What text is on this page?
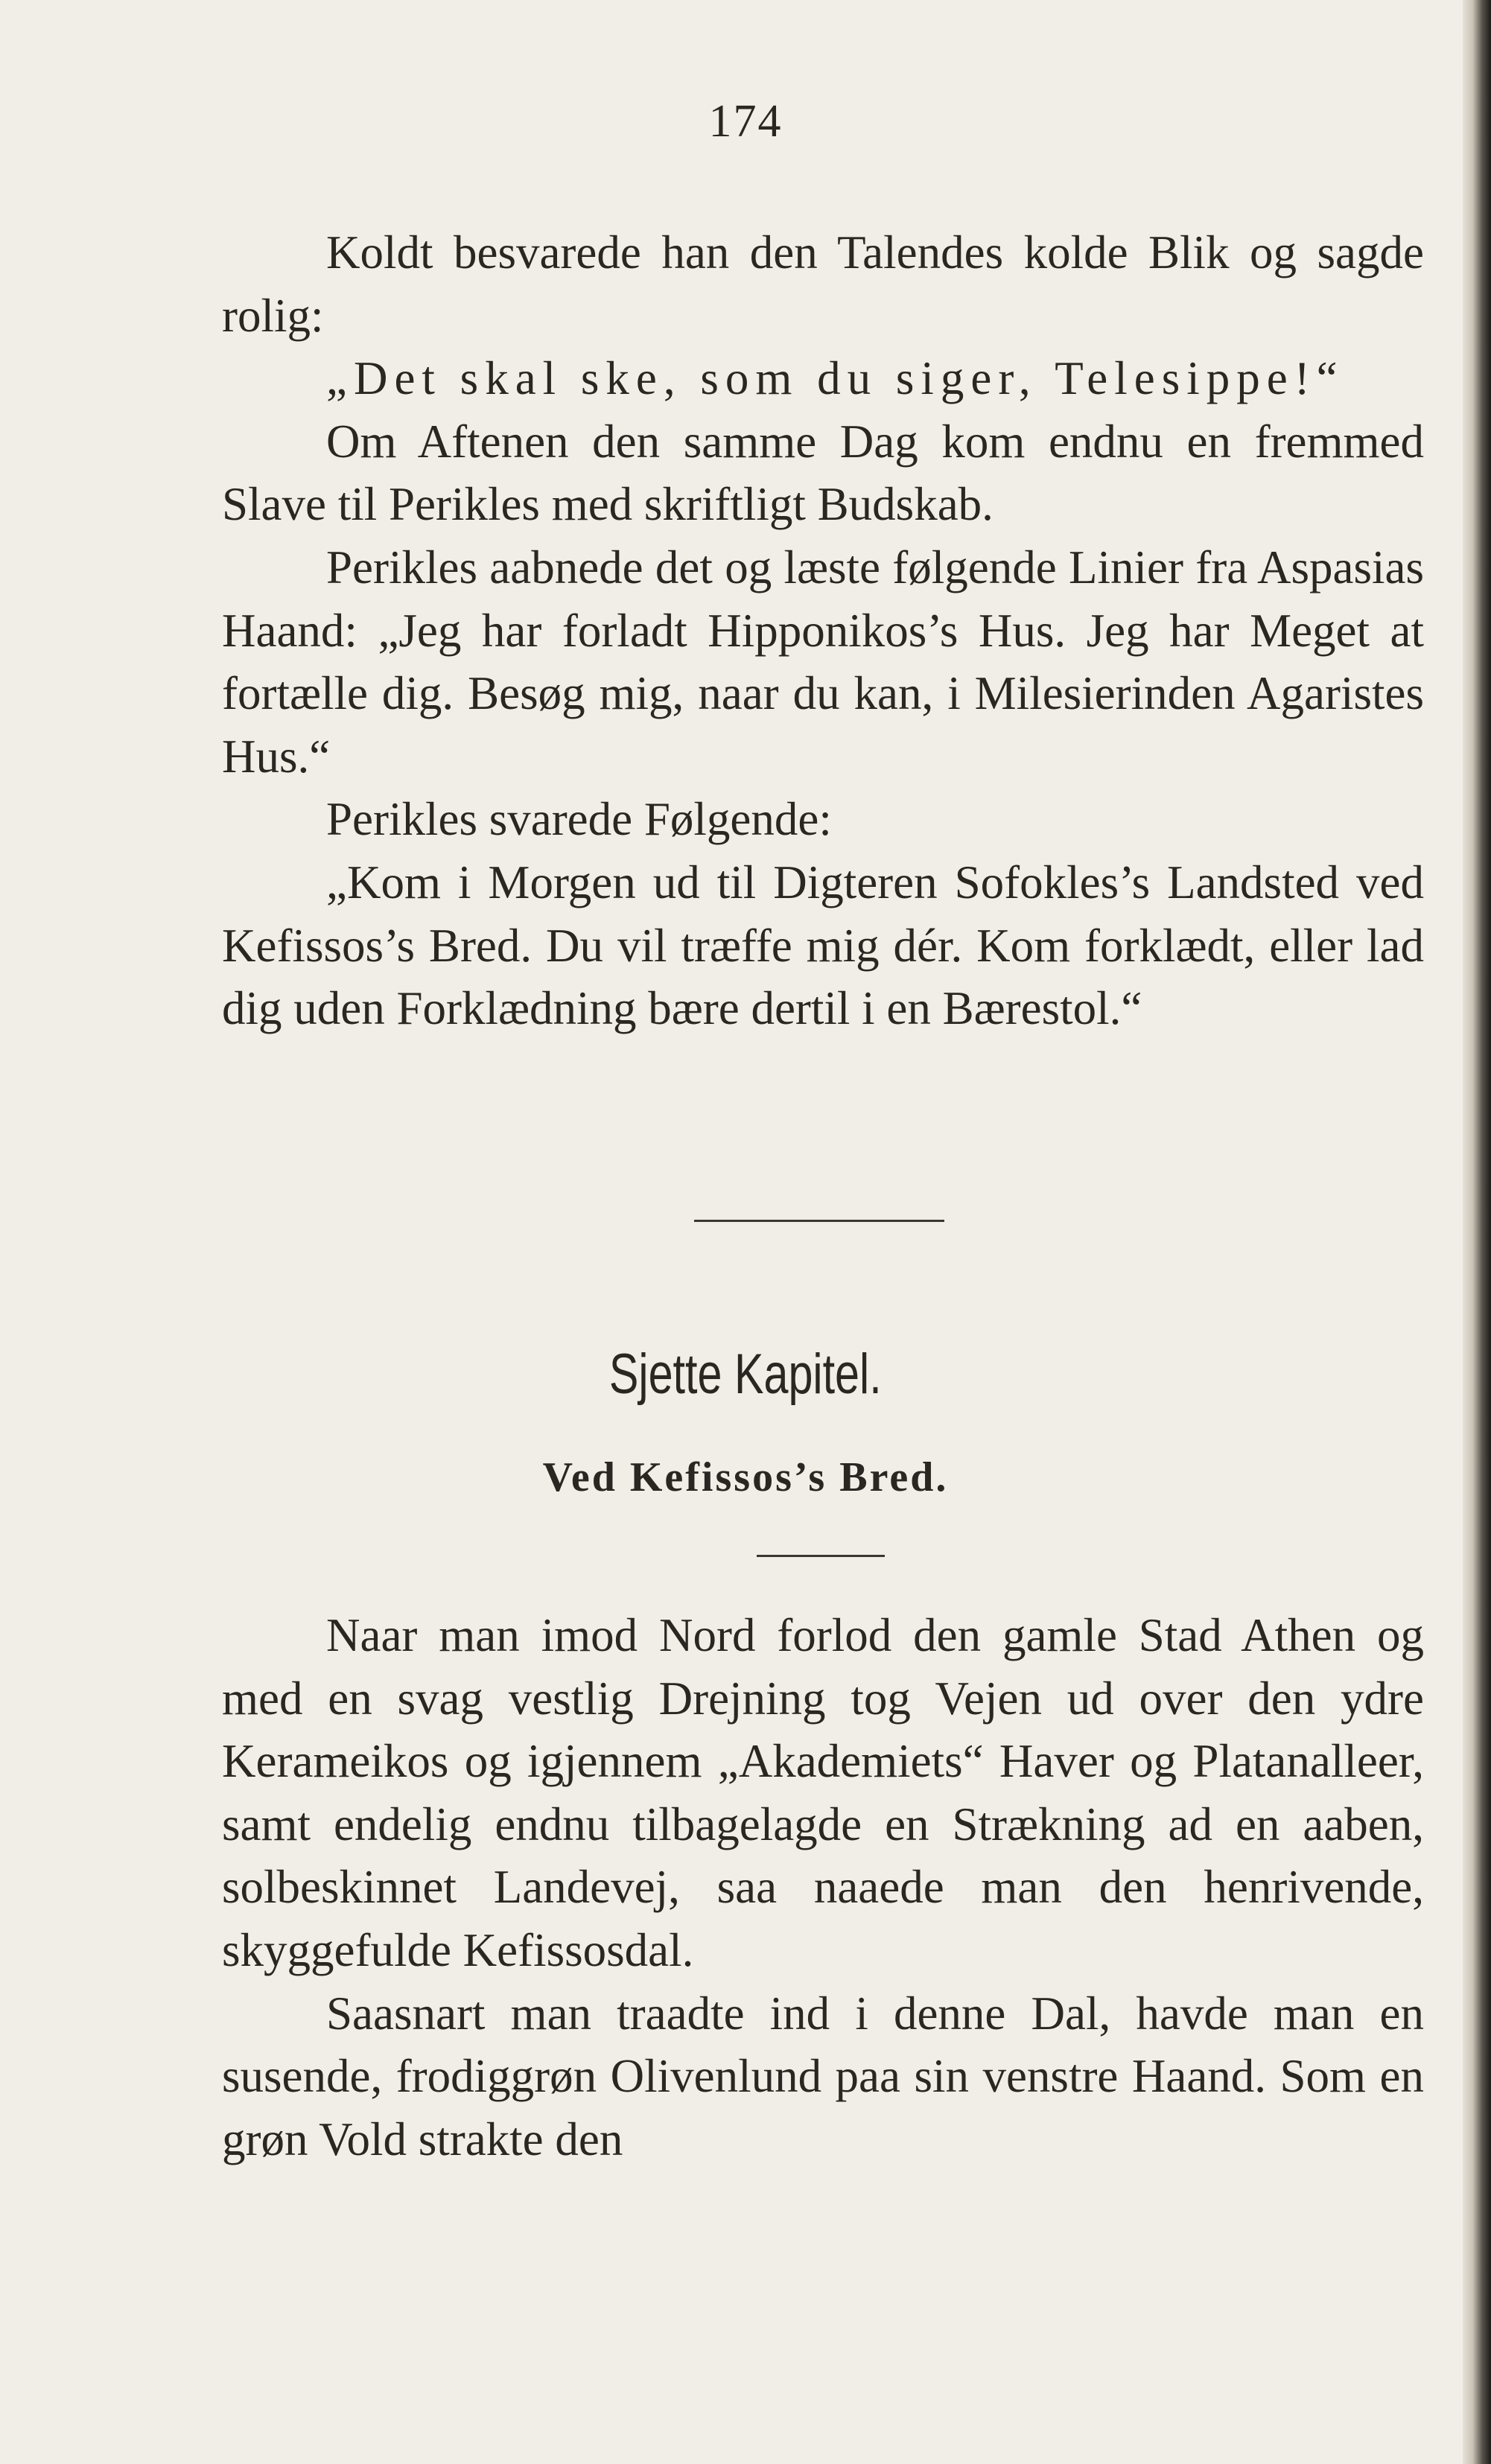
174

Koldt besvarede han den Talendes kolde Blik og sagde rolig:

„Det skal ske, som du siger, Telesippe!“

Om Aftenen den samme Dag kom endnu en fremmed Slave til Perikles med skriftligt Budskab.

Perikles aabnede det og læste følgende Linier fra Aspasias Haand: „Jeg har forladt Hipponikos’s Hus. Jeg har Meget at fortælle dig. Besøg mig, naar du kan, i Milesierinden Agaristes Hus.“

Perikles svarede Følgende:

„Kom i Morgen ud til Digteren Sofokles’s Landsted ved Kefissos’s Bred. Du vil træffe mig dér. Kom forklædt, eller lad dig uden Forklædning bære dertil i en Bærestol.“

Sjette Kapitel.
Ved Kefissos’s Bred.

Naar man imod Nord forlod den gamle Stad Athen og med en svag vestlig Drejning tog Vejen ud over den ydre Kerameikos og igjennem „Akademiets“ Haver og Platanalleer, samt endelig endnu tilbagelagde en Strækning ad en aaben, solbeskinnet Landevej, saa naaede man den henrivende, skyggefulde Kefissosdal.

Saasnart man traadte ind i denne Dal, havde man en susende, frodiggrøn Olivenlund paa sin venstre Haand. Som en grøn Vold strakte den
